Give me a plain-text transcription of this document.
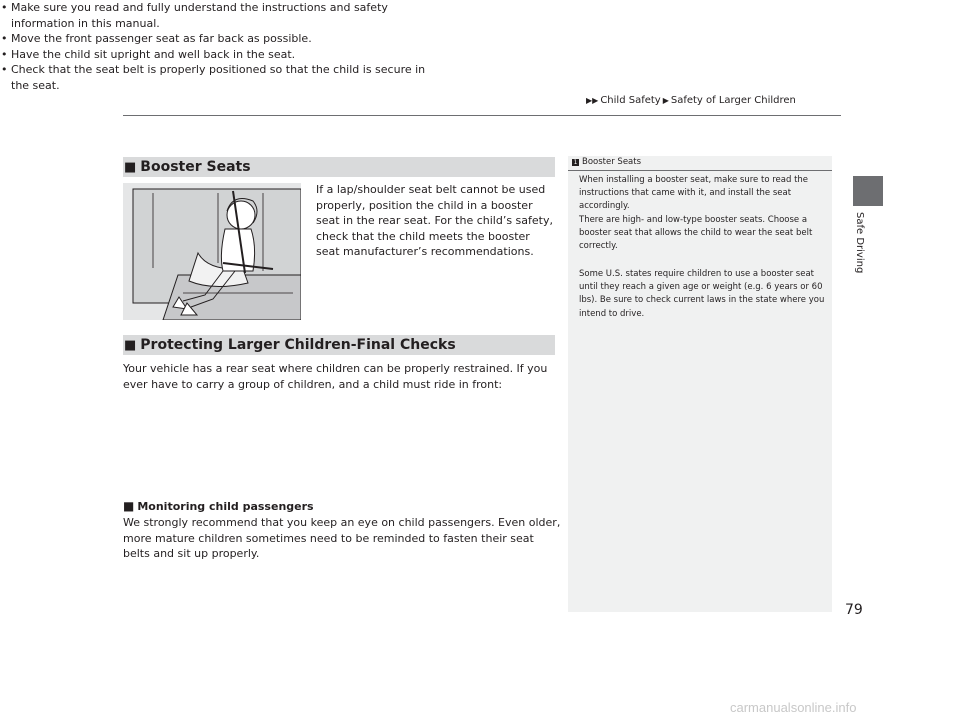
▶▶ Child Safety ▶ Safety of Larger Children
Safe Driving
■ Booster Seats
If a lap/shoulder seat belt cannot be used properly, position the child in a booster seat in the rear seat. For the child’s safety, check that the child meets the booster seat manufacturer’s recommendations.
■ Protecting Larger Children-Final Checks
Your vehicle has a rear seat where children can be properly restrained. If you ever have to carry a group of children, and a child must ride in front:
• Make sure you read and fully understand the instructions and safety information in this manual.
• Move the front passenger seat as far back as possible.
• Have the child sit upright and well back in the seat.
• Check that the seat belt is properly positioned so that the child is secure in the seat.
■ Monitoring child passengers
We strongly recommend that you keep an eye on child passengers. Even older, more mature children sometimes need to be reminded to fasten their seat belts and sit up properly.
1 Booster Seats
When installing a booster seat, make sure to read the instructions that came with it, and install the seat accordingly.
There are high- and low-type booster seats. Choose a booster seat that allows the child to wear the seat belt correctly.
Some U.S. states require children to use a booster seat until they reach a given age or weight (e.g. 6 years or 60 lbs). Be sure to check current laws in the state where you intend to drive.
79
carmanualsonline.info
